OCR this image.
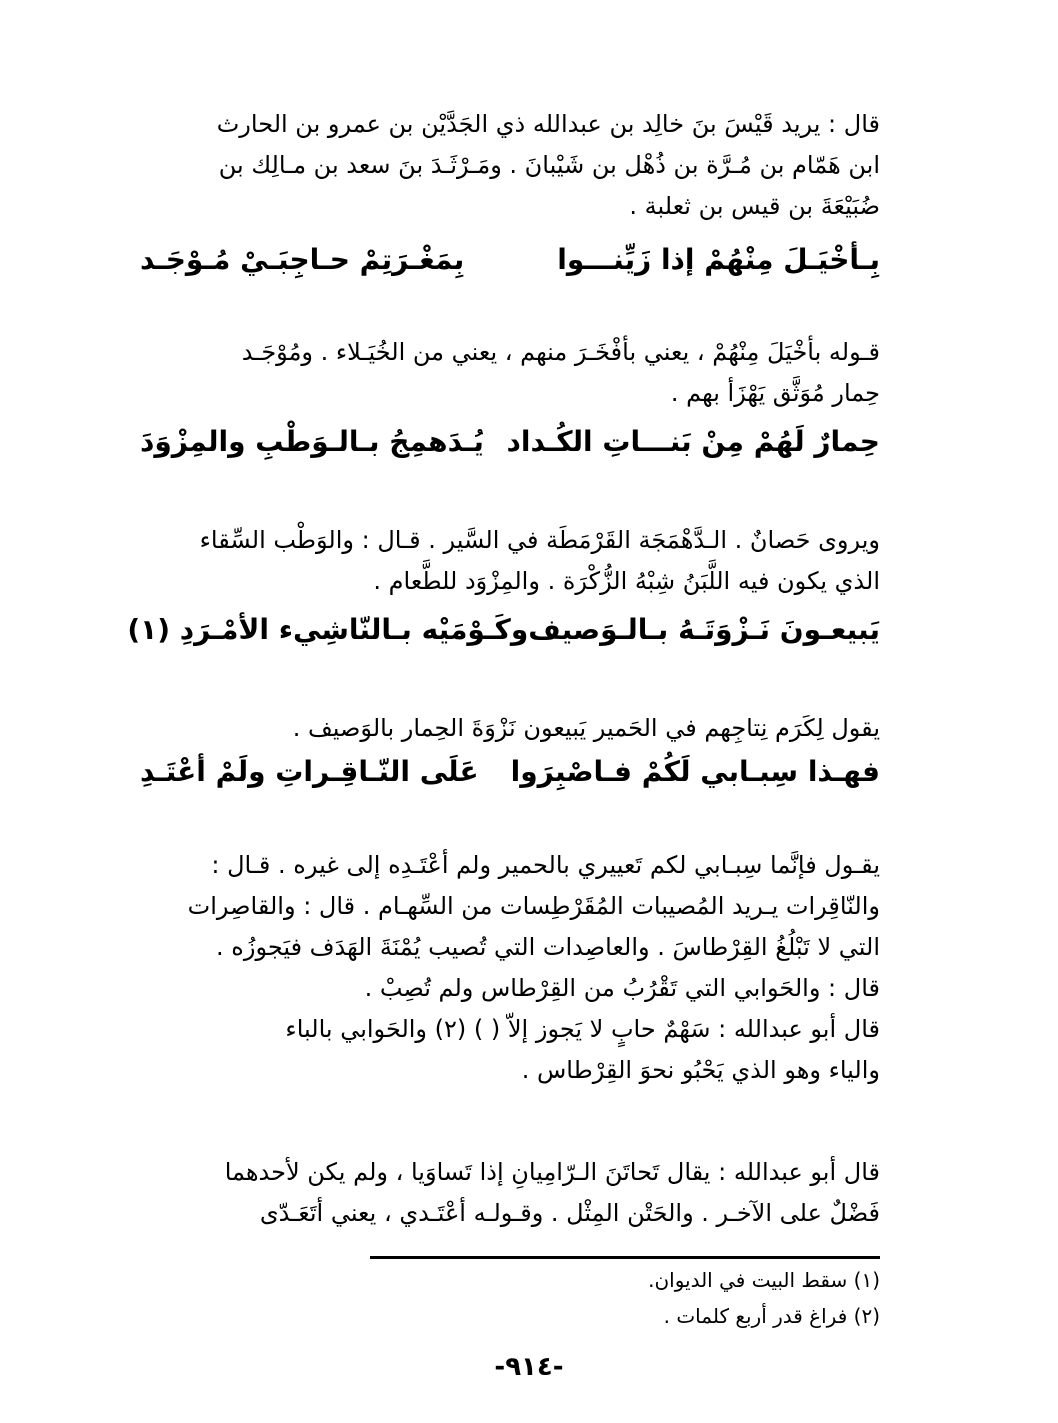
قال : يريد قَيْسَ بنَ خالِد بن عبدالله ذي الجَدَّيْن بن عمرو بن الحارث
ابن هَمّام بن مُـرَّة بن ذُهْل بن شَيْبانَ . ومَـرْثَـدَ بنَ سعد بن مـالِك بن
ضُبَيْعَةَ بن قيس بن ثعلبة .
بِـأخْيَـلَ مِنْهُمْ إذا زَيِّنـــوا
بِمَغْـرَتِمْ حـاجِبَـيْ مُـوْجَـد
قـوله بأخْيَلَ مِنْهُمْ ، يعني بأفْخَـرَ منهم ، يعني من الخُيَـلاء . ومُوْجَـد
حِمار مُوَثَّق يَهْزَأ بهم .
حِمارٌ لَهُمْ مِنْ بَنـــاتِ الكُـداد
يُـدَهمِجُ بـالـوَطْبِ والمِزْوَدَ
ويروى حَصانٌ . الـدَّهْمَجَة القَرْمَطَة في السَّير . قـال : والوَطْب السِّقاء
الذي يكون فيه اللَّبَنُ شِبْهُ الزُّكْرَة . والمِزْوَد للطَّعام .
يَبيعـونَ نَـزْوَتَـهُ بـالـوَصيف
وكَـوْمَيْه بـالنّاشِيء الأمْـرَدِ (١)
يقول لِكَرَم نِتاجِهم في الحَمير يَبيعون نَزْوَةَ الحِمار بالوَصيف .
فهـذا سِبـابي لَكُمْ فـاصْبِرَوا
عَلَى النّـاقِـراتِ ولَمْ أعْتَـدِ
يقـول فإنَّما سِبـابي لكم تَعييري بالحمير ولم أعْتَـدِه إلى غيره . قـال :
والنّاقِرات يـريد المُصيبات المُقَرْطِسات من السِّهـام . قال : والقاصِرات
التي لا تَبْلُغُ القِرْطاسَ . والعاصِدات التي تُصيب يُمْنَةَ الهَدَف فيَجوزُه .
قال : والحَوابي التي تَقْرُبُ من القِرْطاس ولم تُصِبْ .
قال أبو عبدالله : سَهْمٌ حابٍ لا يَجوز إلاّ ( ) (٢) والحَوابي بالباء
والياء وهو الذي يَحْبُو نحوَ القِرْطاس .
قال أبو عبدالله : يقال تَحاتَنَ الـرّامِيانِ إذا تَساوَيا ، ولم يكن لأحدهما
فَضْلٌ على الآخـر . والحَتْن المِثْل . وقـولـه أعْتَـدي ، يعني أتَعَـدّى
(١) سقط البيت في الديوان.
(٢) فراغ قدر أربع كلمات .
-٩١٤-
